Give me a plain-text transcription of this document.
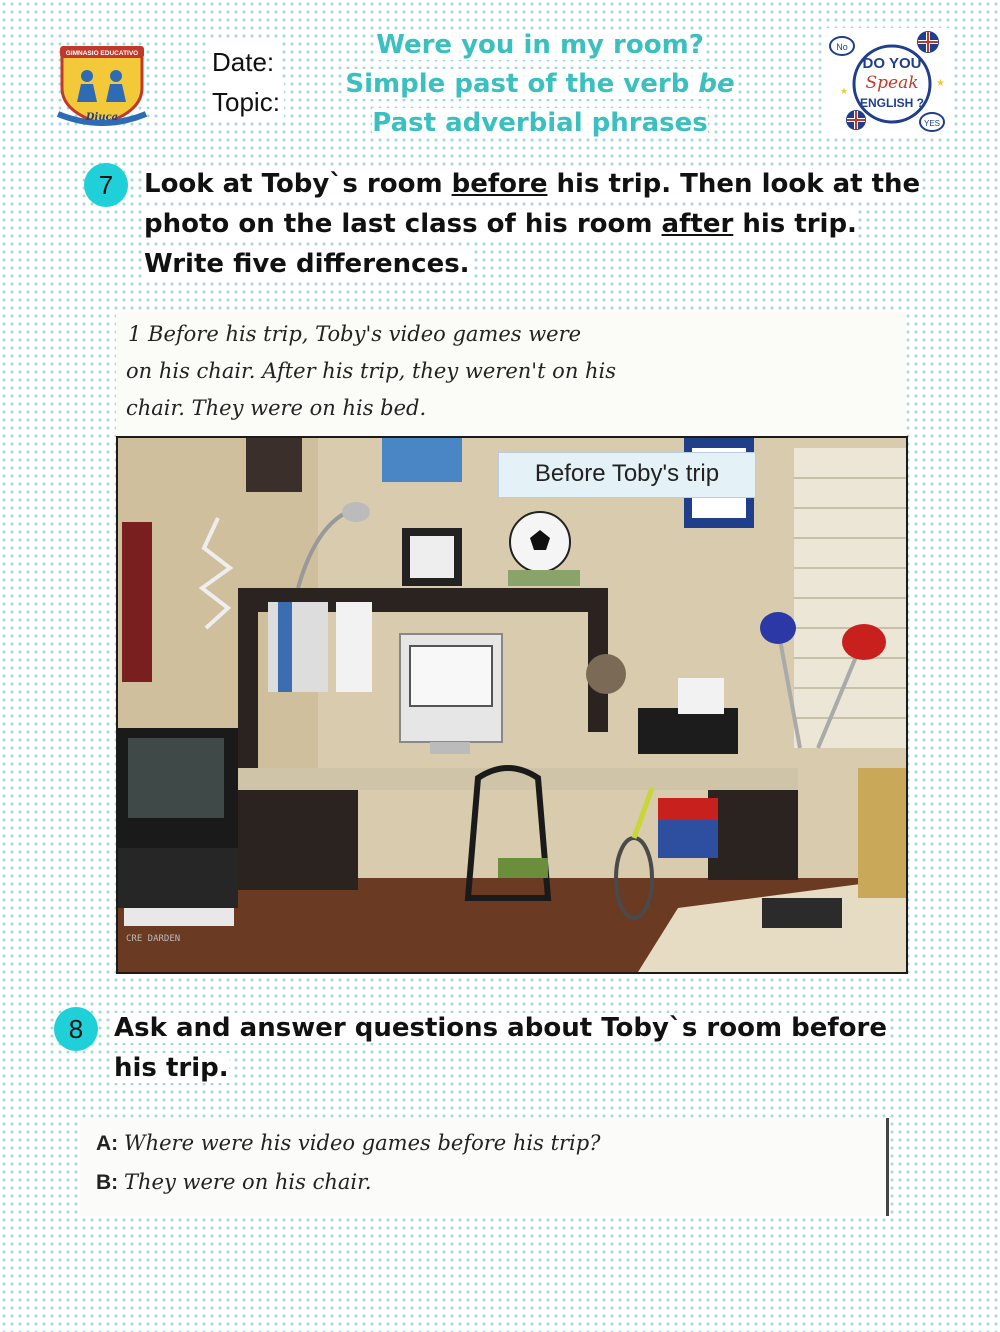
GIMNASIO EDUCATIVO
Diuca
Date:
Topic:
Were you in my room?
Simple past of the verb be
Past adverbial phrases
No
YES
DO YOU
Speak
ENGLISH ?
★
★
7	Look at Toby`s room before his trip. Then look at the photo on the last class of his room after his trip. Write five differences.
1 Before his trip, Toby's video games were
on his chair. After his trip, they weren't on his
chair. They were on his bed.
CRE DARDEN
Before Toby's trip
8	Ask and answer questions about Toby`s room before his trip.
A: Where were his video games before his trip?
B: They were on his chair.
